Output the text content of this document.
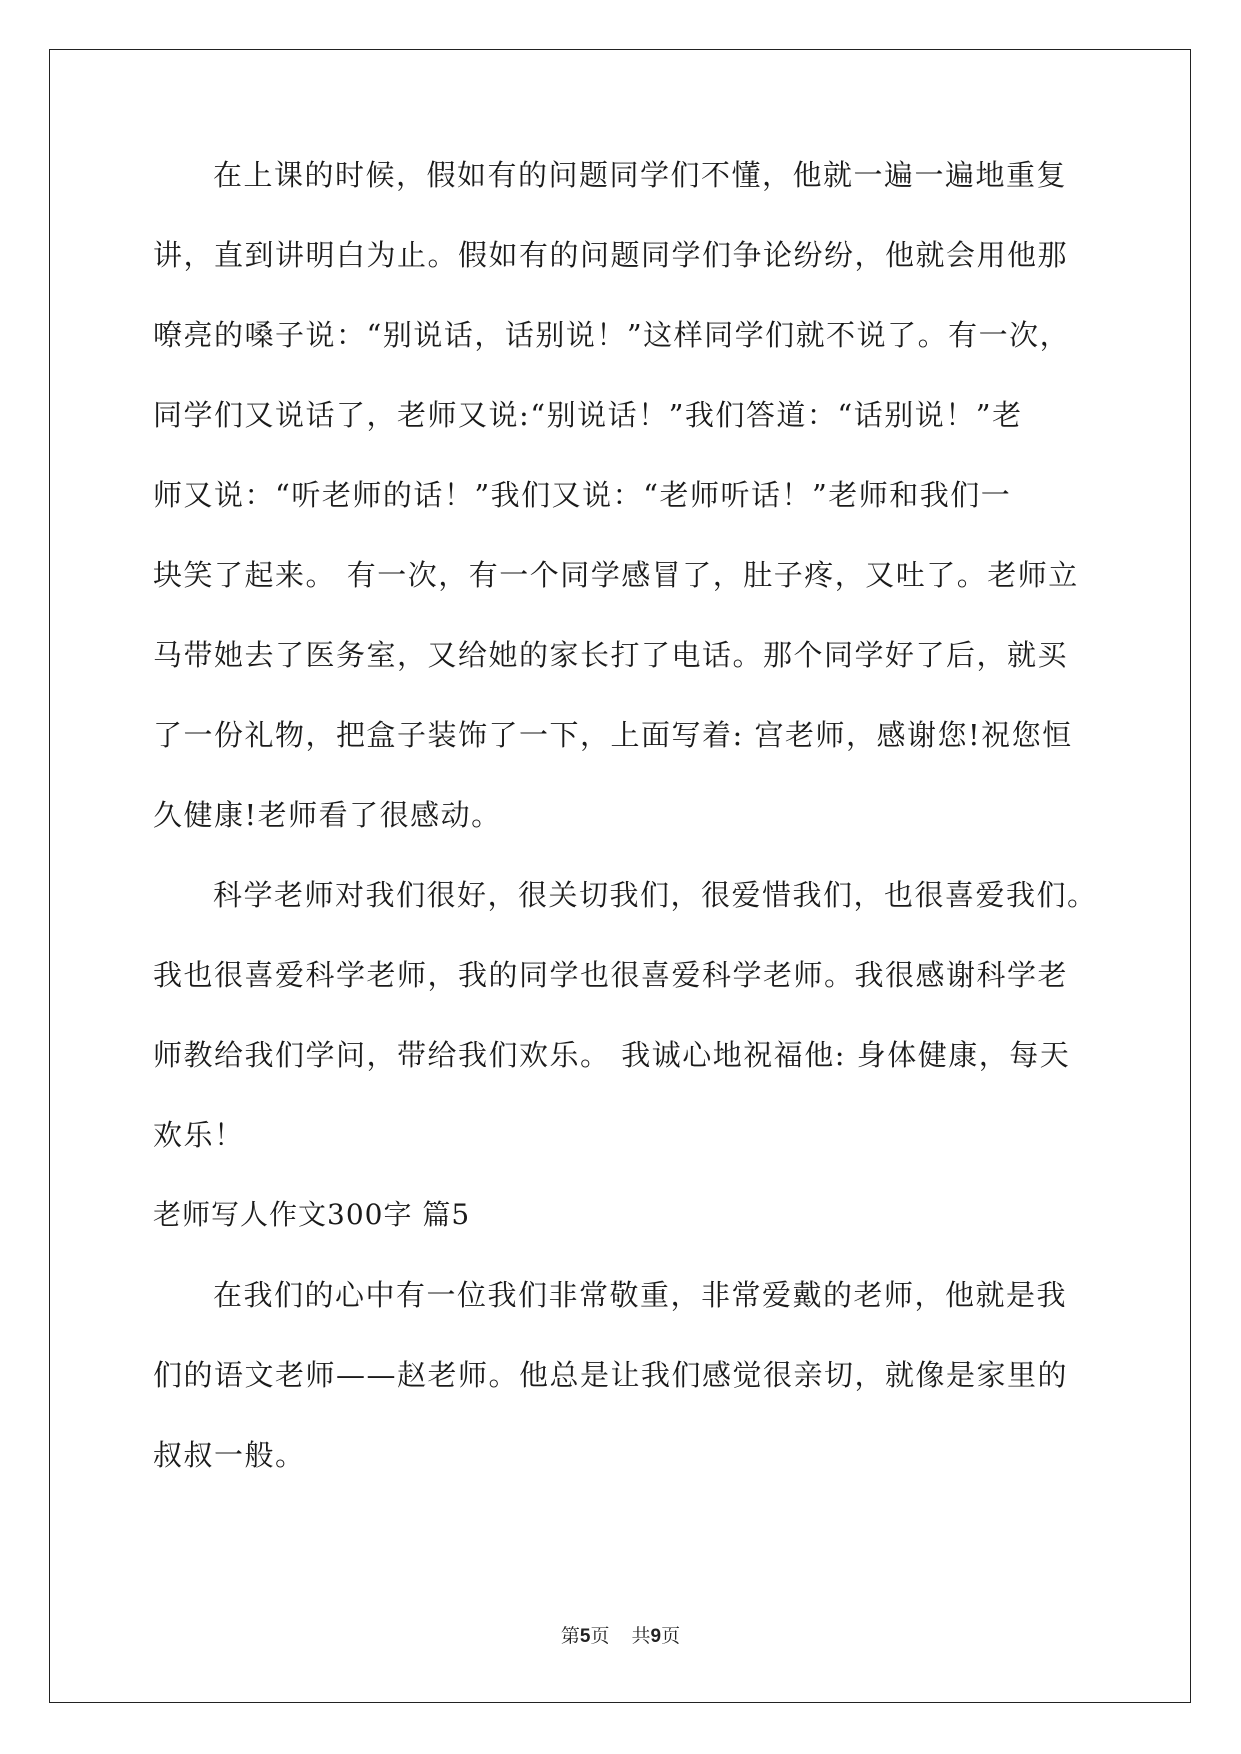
在上课的时候，假如有的问题同学们不懂，他就一遍一遍地重复
讲，直到讲明白为止。假如有的问题同学们争论纷纷，他就会用他那
嘹亮的嗓子说：“别说话，话别说！”这样同学们就不说了。有一次，
同学们又说话了，老师又说:“别说话！”我们答道：“话别说！”老
师又说：“听老师的话！”我们又说：“老师听话！”老师和我们一
块笑了起来。 有一次，有一个同学感冒了，肚子疼，又吐了。老师立
马带她去了医务室，又给她的家长打了电话。那个同学好了后，就买
了一份礼物，把盒子装饰了一下，上面写着: 宫老师，感谢您!祝您恒
久健康!老师看了很感动。
科学老师对我们很好，很关切我们，很爱惜我们，也很喜爱我们。
我也很喜爱科学老师，我的同学也很喜爱科学老师。我很感谢科学老
师教给我们学问，带给我们欢乐。 我诚心地祝福他: 身体健康，每天
欢乐！
老师写人作文300字 篇5
在我们的心中有一位我们非常敬重，非常爱戴的老师，他就是我
们的语文老师——赵老师。他总是让我们感觉很亲切，就像是家里的
叔叔一般。
第5页 共9页
